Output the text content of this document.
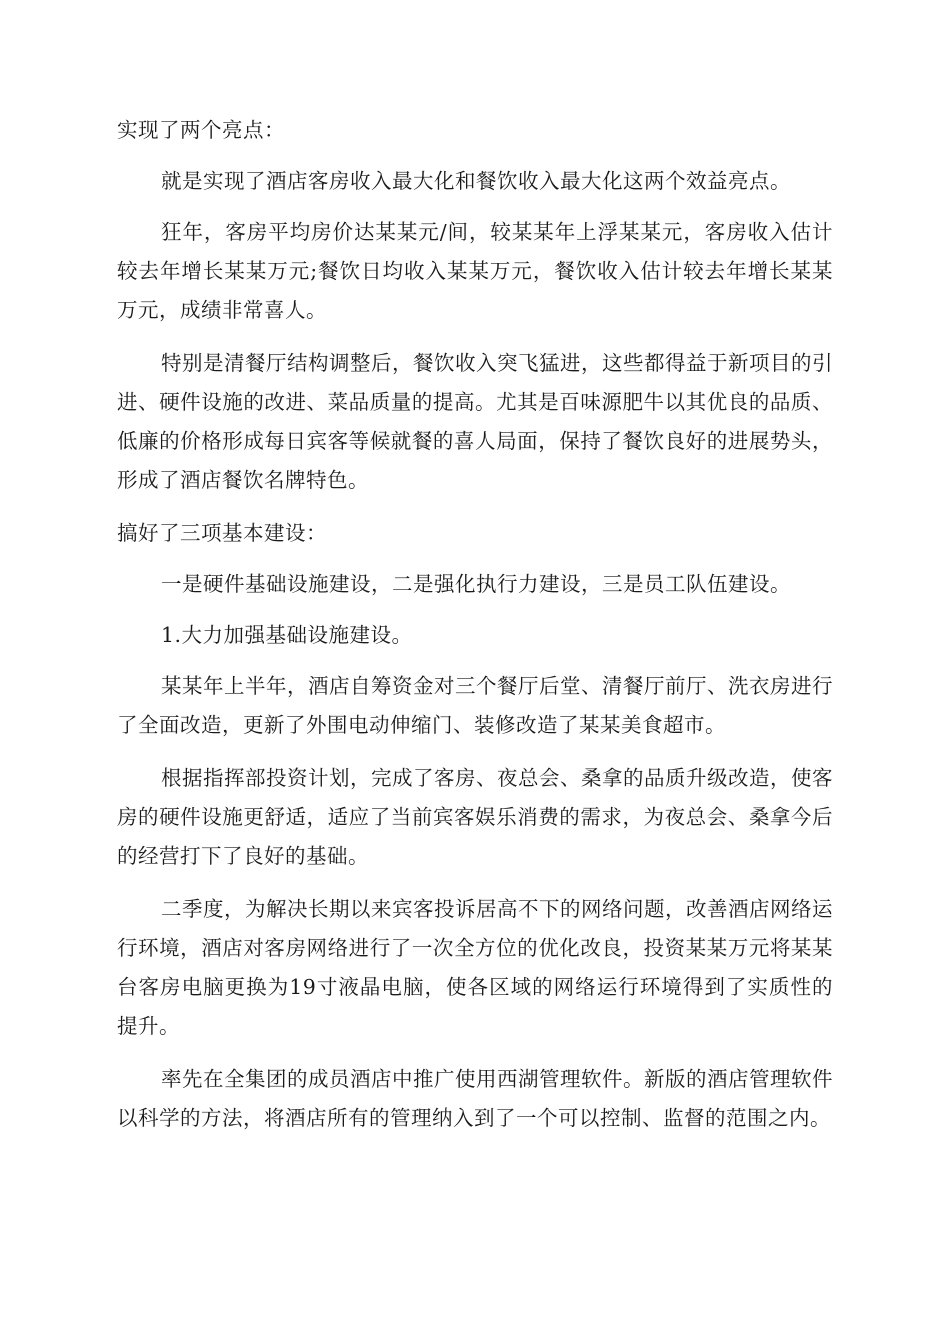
实现了两个亮点：

就是实现了酒店客房收入最大化和餐饮收入最大化这两个效益亮点。

狂年，客房平均房价达某某元/间，较某某年上浮某某元，客房收入估计较去年增长某某万元;餐饮日均收入某某万元，餐饮收入估计较去年增长某某万元，成绩非常喜人。

特别是清餐厅结构调整后，餐饮收入突飞猛进，这些都得益于新项目的引进、硬件设施的改进、菜品质量的提高。尤其是百味源肥牛以其优良的品质、低廉的价格形成每日宾客等候就餐的喜人局面，保持了餐饮良好的进展势头，形成了酒店餐饮名牌特色。

搞好了三项基本建设：

一是硬件基础设施建设，二是强化执行力建设，三是员工队伍建设。

1.大力加强基础设施建设。

某某年上半年，酒店自筹资金对三个餐厅后堂、清餐厅前厅、洗衣房进行了全面改造，更新了外围电动伸缩门、装修改造了某某美食超市。

根据指挥部投资计划，完成了客房、夜总会、桑拿的品质升级改造，使客房的硬件设施更舒适，适应了当前宾客娱乐消费的需求，为夜总会、桑拿今后的经营打下了良好的基础。

二季度，为解决长期以来宾客投诉居高不下的网络问题，改善酒店网络运行环境，酒店对客房网络进行了一次全方位的优化改良，投资某某万元将某某台客房电脑更换为19寸液晶电脑，使各区域的网络运行环境得到了实质性的提升。

率先在全集团的成员酒店中推广使用西湖管理软件。新版的酒店管理软件以科学的方法，将酒店所有的管理纳入到了一个可以控制、监督的范围之内。
